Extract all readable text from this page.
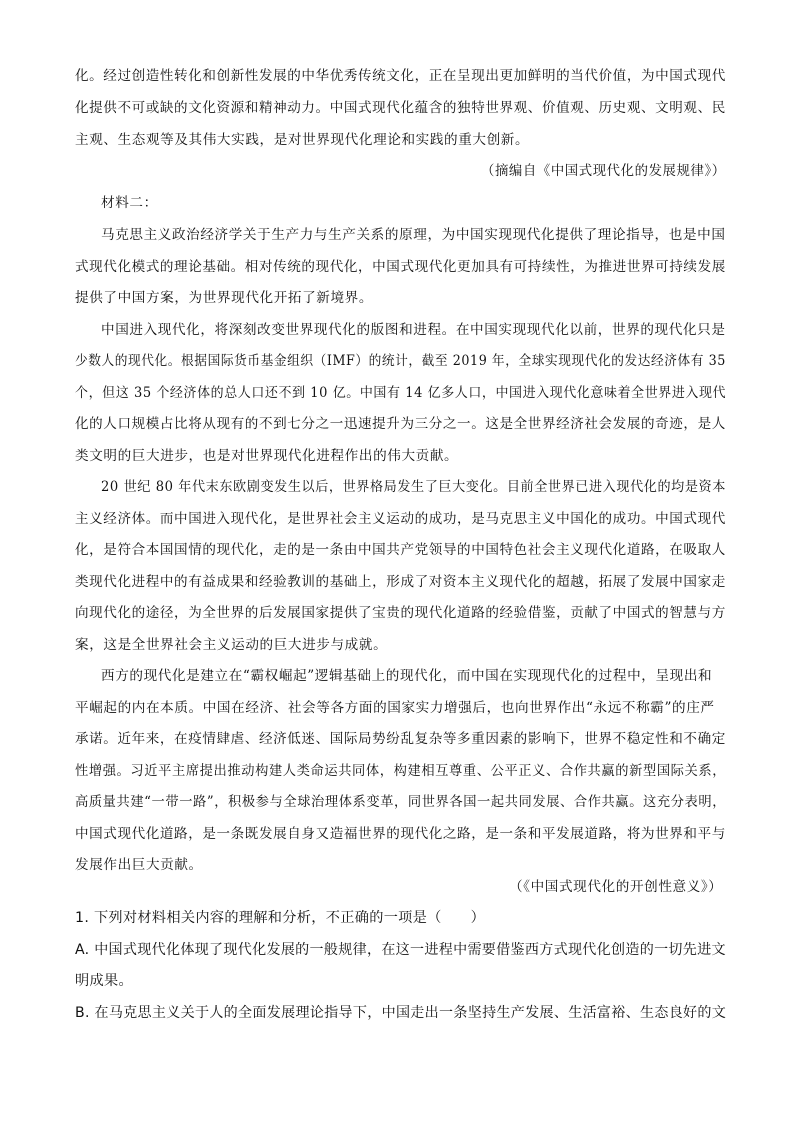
化。经过创造性转化和创新性发展的中华优秀传统文化，正在呈现出更加鲜明的当代价值，为中国式现代
化提供不可或缺的文化资源和精神动力。中国式现代化蕴含的独特世界观、价值观、历史观、文明观、民
主观、生态观等及其伟大实践，是对世界现代化理论和实践的重大创新。
（摘编自《中国式现代化的发展规律》）
材料二：
马克思主义政治经济学关于生产力与生产关系的原理，为中国实现现代化提供了理论指导，也是中国
式现代化模式的理论基础。相对传统的现代化，中国式现代化更加具有可持续性，为推进世界可持续发展
提供了中国方案，为世界现代化开拓了新境界。
中国进入现代化，将深刻改变世界现代化的版图和进程。在中国实现现代化以前，世界的现代化只是
少数人的现代化。根据国际货币基金组织（IMF）的统计，截至 2019 年，全球实现现代化的发达经济体有 35
个，但这 35 个经济体的总人口还不到 10 亿。中国有 14 亿多人口，中国进入现代化意味着全世界进入现代
化的人口规模占比将从现有的不到七分之一迅速提升为三分之一。这是全世界经济社会发展的奇迹，是人
类文明的巨大进步，也是对世界现代化进程作出的伟大贡献。
20 世纪 80 年代末东欧剧变发生以后，世界格局发生了巨大变化。目前全世界已进入现代化的均是资本
主义经济体。而中国进入现代化，是世界社会主义运动的成功，是马克思主义中国化的成功。中国式现代
化，是符合本国国情的现代化，走的是一条由中国共产党领导的中国特色社会主义现代化道路，在吸取人
类现代化进程中的有益成果和经验教训的基础上，形成了对资本主义现代化的超越，拓展了发展中国家走
向现代化的途径，为全世界的后发展国家提供了宝贵的现代化道路的经验借鉴，贡献了中国式的智慧与方
案，这是全世界社会主义运动的巨大进步与成就。
西方的现代化是建立在“霸权崛起”逻辑基础上的现代化，而中国在实现现代化的过程中，呈现出和
平崛起的内在本质。中国在经济、社会等各方面的国家实力增强后，也向世界作出“永远不称霸”的庄严
承诺。近年来，在疫情肆虐、经济低迷、国际局势纷乱复杂等多重因素的影响下，世界不稳定性和不确定
性增强。习近平主席提出推动构建人类命运共同体，构建相互尊重、公平正义、合作共赢的新型国际关系，
高质量共建“一带一路”，积极参与全球治理体系变革，同世界各国一起共同发展、合作共赢。这充分表明，
中国式现代化道路，是一条既发展自身又造福世界的现代化之路，是一条和平发展道路，将为世界和平与
发展作出巨大贡献。
（《中国式现代化的开创性意义》）
1. 下列对材料相关内容的理解和分析，不正确的一项是（　　）
A. 中国式现代化体现了现代化发展的一般规律，在这一进程中需要借鉴西方式现代化创造的一切先进文
明成果。
B. 在马克思主义关于人的全面发展理论指导下，中国走出一条坚持生产发展、生活富裕、生态良好的文
